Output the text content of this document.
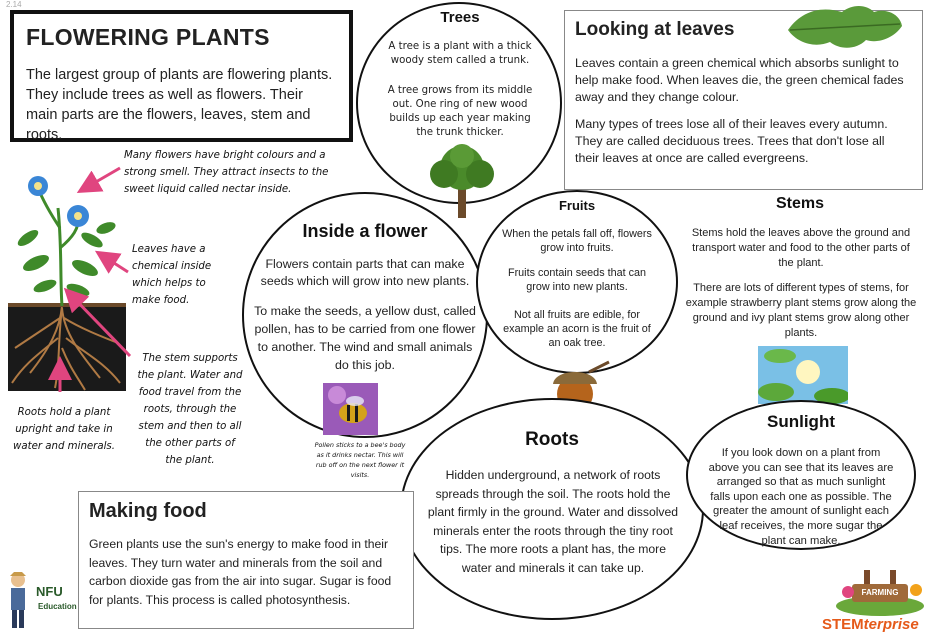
2.14
FLOWERING PLANTS

The largest group of plants are flowering plants. They include trees as well as flowers. Their main parts are the flowers, leaves, stem and roots.

Many flowers have bright colours and a strong smell. They attract insects to the sweet liquid called nectar inside.
Leaves have a chemical inside which helps to make food.
The stem supports the plant. Water and food travel from the roots, through the stem and then to all the other parts of the plant.
Roots hold a plant upright and take in water and minerals.
Trees
A tree is a plant with a thick woody stem called a trunk.
A tree grows from its middle out. One ring of new wood builds up each year making the trunk thicker.
Looking at leaves

Leaves contain a green chemical which absorbs sunlight to help make food. When leaves die, the green chemical fades away and they change colour.

Many types of trees lose all of their leaves every autumn. They are called deciduous trees. Trees that don't lose all their leaves at once are called evergreens.

Inside a flower
Flowers contain parts that can make seeds which will grow into new plants.
To make the seeds, a yellow dust, called pollen, has to be carried from one flower to another. The wind and small animals do this job.
Pollen sticks to a bee's body as it drinks nectar. This will rub off on the next flower it visits.
Fruits
When the petals fall off, flowers grow into fruits.
Fruits contain seeds that can grow into new plants.
Not all fruits are edible, for example an acorn is the fruit of an oak tree.
Stems
Stems hold the leaves above the ground and transport water and food to the other parts of the plant.
There are lots of different types of stems, for example strawberry plant stems grow along the ground and ivy plant stems grow along other plants.
Roots
Hidden underground, a network of roots spreads through the soil. The roots hold the plant firmly in the ground. Water and dissolved minerals enter the roots through the tiny root tips. The more roots a plant has, the more water and minerals it can take up.
Sunlight
If you look down on a plant from above you can see that its leaves are arranged so that as much sunlight falls upon each one as possible. The greater the amount of sunlight each leaf receives, the more sugar the plant can make.
Making food

Green plants use the sun's energy to make food in their leaves. They turn water and minerals from the soil and carbon dioxide gas from the air into sugar. Sugar is food for plants. This process is called photosynthesis.

NFU
Education
FARMING
STEMterprise
